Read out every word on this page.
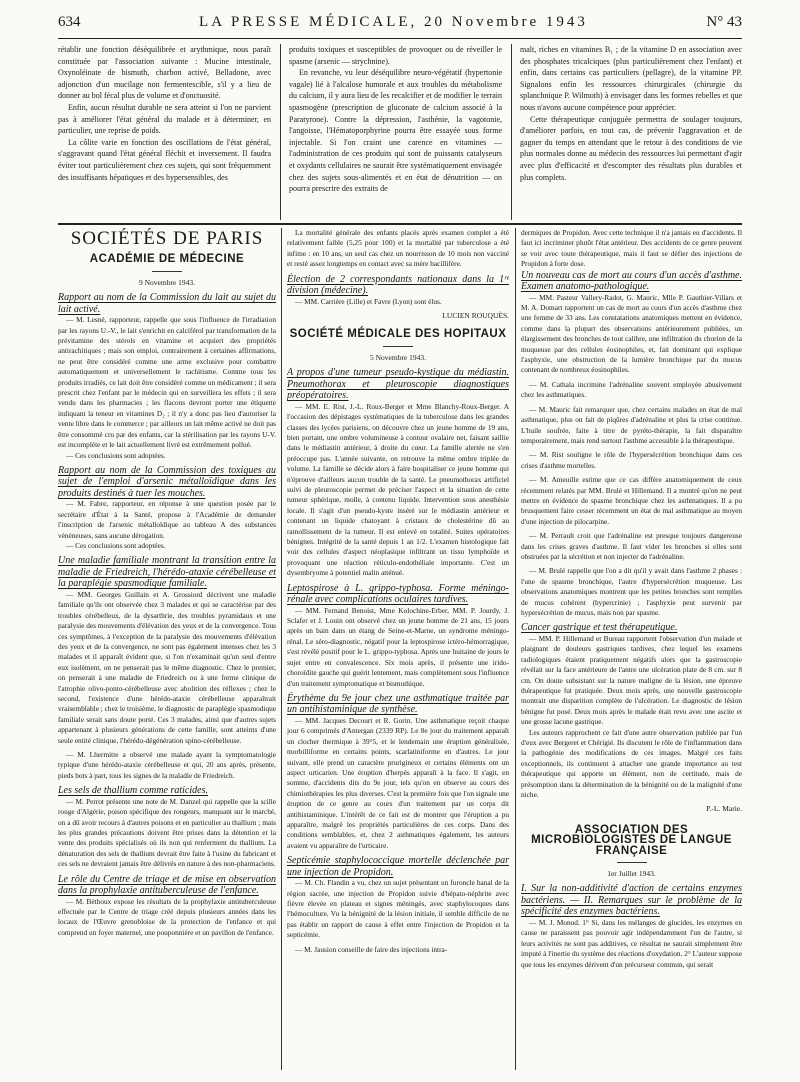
634	LA PRESSE MÉDICALE, 20 Novembre 1943	N° 43

rétablir une fonction déséquilibrée et arythmique, nous paraît constituée par l'association suivante : Mucine intestinale, Oxynoléinate de bismuth, charbon activé, Belladone, avec adjonction d'un mucilage non fermentescible, s'il y a lieu de donner au bol fécal plus de volume et d'onctuosité.

Enfin, aucun résultat durable ne sera atteint si l'on ne parvient pas à améliorer l'état général du malade et à déterminer, en particulier, une reprise de poids.

La côlite varie en fonction des oscillations de l'état général, s'aggravant quand l'état général fléchit et inversement. Il faudra éviter tout particulièrement chez ces sujets, qui sont fréquemment des insuffisants hépatiques et des hypersensibles, des

produits toxiques et susceptibles de provoquer ou de réveiller le spasme (arsenic — strychnine).

En revanche, vu leur déséquilibre neuro-végétatif (hypertonie vagale) lié à l'alcalose humorale et aux troubles du métabolisme du calcium, il y aura lieu de les recalcifier et de modifier le terrain spasmogène (prescription de gluconate de calcium associé à la Paratyrone). Contre la dépression, l'asthénie, la vagotonie, l'angoisse, l'Hématoporphyrine pourra être essayée sous forme injectable. Si l'on craint une carence en vitamines — l'administration de ces produits qui sont de puissants catalyseurs et oxydants cellulaires ne saurait être systématiquement envisagée chez des sujets sous-alimentés et en état de dénutrition — on pourra prescrire des extraits de

malt, riches en vitamines B₁ ; de la vitamine D en association avec des phosphates tricalciques (plus particulièrement chez l'enfant) et enfin, dans certains cas particuliers (pellagre), de la vitamine PP. Signalons enfin les ressources chirurgicales (chirurgie du splanchnique P. Wilmoth) à envisager dans les formes rebelles et que nous n'avons aucune compétence pour apprécier.

Cette thérapeutique conjuguée permettra de soulager toujours, d'améliorer parfois, en tout cas, de prévenir l'aggravation et de gagner du temps en attendant que le retour à des conditions de vie plus normales donne au médecin des ressources lui permettant d'agir avec plus d'efficacité et d'escompter des résultats plus durables et plus complets.

SOCIÉTÉS DE PARIS
ACADÉMIE DE MÉDECINE
9 Novembre 1943.

Rapport au nom de la Commission du lait au sujet du lait activé.

— M. Lesné, rapporteur, rappelle que sous l'influence de l'irradiation par les rayons U.-V., le lait s'enrichit en calciférol par transformation de la prévitamine des stérols en vitamine et acquiert des propriétés antirachitiques ; mais son emploi, contrairement à certaines affirmations, ne peut être considéré comme une arme exclusive pour combattre automatiquement et universellement le rachitisme. Comme tous les produits irradiés, ce lait doit être considéré comme un médicament ; il sera prescrit chez l'enfant par le médecin qui en surveillera les effets ; il sera vendu dans les pharmacies ; les flacons devront porter une étiquette indiquant la teneur en vitamines D₂ ; il n'y a donc pas lieu d'autoriser la vente libre dans le commerce ; par ailleurs un lait même activé ne doit pas être consommé cru par des enfants, car la stérilisation par les rayons U-V. est incomplète et le lait actuellement livré est extrêmement pollué.

— Ces conclusions sont adoptées.

Rapport au nom de la Commission des toxiques au sujet de l'emploi d'arsenic métalloïdique dans les produits destinés à tuer les mouches.

— M. Fabre, rapporteur, en réponse à une question posée par le secrétaire d'État à la Santé, propose à l'Académie de demander l'inscription de l'arsenic métalloïdique au tableau A des substances vénéneuses, sans aucune dérogation.

— Ces conclusions sont adoptées.

Une maladie familiale montrant la transition entre la maladie de Friedreich, l'hérédo-ataxie cérébelleuse et la paraplégie spasmodique familiale.

— MM. Georges Guillain et A. Grossiord décrivent une maladie familiale qu'ils ont observée chez 3 malades et qui se caractérise par des troubles cérébelleux, de la dysarthrie, des troubles pyramidaux et une paralysie des mouvements d'élévation des yeux et de la convergence. Tous ces symptômes, à l'exception de la paralysie des mouvements d'élévation des yeux et de la convergence, ne sont pas également intenses chez les 3 malades et il apparaît évident que, si l'on n'examinait qu'un seul d'entre eux isolément, on ne penserait pas le même diagnostic. Chez le premier, on penserait à une maladie de Friedreich ou à une forme clinique de l'atrophie olivo-ponto-cérébelleuse avec abolition des réflexes ; chez le second, l'existence d'une hérédo-ataxie cérébelleuse apparaîtrait vraisemblable ; chez le troisième, le diagnostic de paraplégie spasmodique familiale serait sans doute porté. Ces 3 malades, ainsi que d'autres sujets appartenant à plusieurs générations de cette famille, sont atteints d'une seule entité clinique, l'hérédo-dégénération spino-cérébelleuse.

— M. Lhermitte a observé une malade ayant la symptomatologie typique d'une hérédo-ataxie cérébelleuse et qui, 20 ans après, présente, pieds bots à part, tous les signes de la maladie de Friedreich.

Les sels de thallium comme raticides.

— M. Perrot présente une note de M. Danzel qui rappelle que la scille rouge d'Algérie, poison spécifique des rongeurs, manquant sur le marché, on a dû avoir recours à d'autres poisons et en particulier au thallium ; mais les plus grandes précautions doivent être prises dans la détention et la vente des produits spécialisés où ils non qui renferment du thallium. La dénaturation des sels de thallium devrait être faite à l'usine du fabricant et ces sels ne devraient jamais être délivrés en nature à des non-pharmaciens.

Le rôle du Centre de triage et de mise en observation dans la prophylaxie antituberculeuse de l'enfance.

— M. Béthoux expose les résultats de la prophylaxie antituberculeuse effectuée par le Centre de triage créé depuis plusieurs années dans les locaux de l'Œuvre grenobloise de la protection de l'enfance et qui comprend un foyer maternel, une pouponnière et un pavillon de l'enfance.

La mortalité générale des enfants placés après examen complet a été relativement faible (5,25 pour 100) et la mortalité par tuberculose a été infime : en 10 ans, un seul cas chez un nourrisson de 10 mois non vacciné et resté assez longtemps en contact avec sa mère bacillifère.

Élection de 2 correspondants nationaux dans la 1ʳᵉ division (médecine).

— MM. Carrière (Lille) et Favre (Lyon) sont élus.

LUCIEN ROUQUÈS.
SOCIÉTÉ MÉDICALE DES HOPITAUX
5 Novembre 1943.

A propos d'une tumeur pseudo-kystique du médiastin. Pneumothorax et pleuroscopie diagnostiques préopératoires.

— MM. E. Rist, J.-L. Roux-Berger et Mme Blanchy-Roux-Berger. A l'occasion des dépistages systématiques de la tuberculose dans les grandes classes des lycées parisiens, on découvre chez un jeune homme de 19 ans, bien portant, une ombre volumineuse à contour ovalaire net, faisant saillie dans le médiastin antérieur, à droite du cœur. La famille alertée ne s'en préoccupe pas. L'année suivante, on retrouve la même ombre triplée de volume. La famille se décide alors à faire hospitaliser ce jeune homme qui n'éprouve d'ailleurs aucun trouble de la santé. Le pneumothorax artificiel suivi de pleuroscopie permet de préciser l'aspect et la situation de cette tumeur sphérique, molle, à contenu liquide. Intervention sous anesthésie locale. Il s'agit d'un pseudo-kyste inséré sur le médiastin antérieur et contenant un liquide chatoyant à cristaux de cholestérine dû au ramollissement de la tumeur. Il est enlevé en totalité. Suites opératoires bénignes. Intégrité de la santé depuis 1 an 1/2. L'examen histologique fait voir des cellules d'aspect néoplasique infiltrant un tissu lymphoïde et provoquant une réaction réticulo-endothéliale importante. C'est un dysembryome à potentiel malin atténué.

Leptospirose à L. grippo-typhosa. Forme méningo-rénale avec complications oculaires tardives.

— MM. Fernand Benoist, Mme Kolochine-Erber, MM. P. Jourdy, J. Sclafer et J. Louin ont observé chez un jeune homme de 21 ans, 15 jours après un bain dans un étang de Seine-et-Marne, un syndrome méningo-rénal. Le séro-diagnostic, négatif pour la leptospirose ictéro-hémorragique, s'est révélé positif pour le L. grippo-typhosa. Après une huitaine de jours le sujet entre en convalescence. Six mois après, il présente une irido-choroïdite gauche qui guérit lentement, mais complètement sous l'influence d'un traitement symptomatique et bismuthique.

Érythème du 9e jour chez une asthmatique traitée par un antihistaminique de synthèse.

— MM. Jacques Decourt et R. Gorin. Une asthmatique reçoit chaque jour 6 comprimés d'Antergan (2339 RP). Le 8e jour du traitement apparaît un clocher thermique à 39°5, et le lendemain une éruption généralisée, morbilliforme en certains points, scarlatiniforme en d'autres. Le jour suivant, elle prend un caractère prurigineux et certains éléments ont un aspect urticarien. Une éruption d'herpès apparaît à la face. Il s'agit, en somme, d'accidents dits du 9e jour, tels qu'on en observe au cours des chimiothérapies les plus diverses. C'est la première fois que l'on signale une éruption de ce genre au cours d'un traitement par un corps dit antihistaminique. L'intérêt de ce fait est de montrer que l'éruption a pu apparaître, malgré les propriétés particulières de ces corps. Dans des conditions semblables, et, chez 2 asthmatiques également, les auteurs avaient vu apparaître de l'urticaire.

Septicémie staphylococcique mortelle déclenchée par une injection de Propidon.

— M. Ch. Flandin a vu, chez un sujet présentant un furoncle banal de la région sacrée, une injection de Propidon suivie d'hépato-néphrite avec fièvre élevée en plateau et signes méningés, avec staphylocoques dans l'hémoculture. Vu la bénignité de la lésion initiale, il semble difficile de ne pas établir un rapport de cause à effet entre l'injection de Propidon et la septicémie.

— M. Jausion conseille de faire des injections intra-

dermiques de Propidon. Avec cette technique il n'a jamais eu d'accidents. Il faut ici incriminer plutôt l'état antérieur. Des accidents de ce genre peuvent se voir avec toute thérapeutique, mais il faut se défier des injections de Propidon à forte dose.

Un nouveau cas de mort au cours d'un accès d'asthme. Examen anatomo-pathologique.

— MM. Pasteur Vallery-Radot, G. Mauric, Mlle P. Gauthier-Villars et M. A. Domart rapportent un cas de mort au cours d'un accès d'asthme chez une femme de 33 ans. Les constatations anatomiques mettent en évidence, comme dans la plupart des observations antérieurement publiées, un élargissement des bronches de tout calibre, une infiltration du chorion de la muqueuse par des cellules éosinophiles, et, fait dominant qui explique l'asphyxie, une obstruction de la lumière bronchique par du mucus contenant de nombreux éosinophiles.

— M. Cathala incrimine l'adrénaline souvent employée abusivement chez les asthmatiques.

— M. Mauric fait remarquer que, chez certains malades en état de mal asthmatique, plus on fait de piqûres d'adrénaline et plus la crise continue. L'huile soufrée, faite à titre de pyréto-thérapie, la fait disparaître temporairement, mais rend surtout l'asthme accessible à la thérapeutique.

— M. Rist souligne le rôle de l'hypersécrétion bronchique dans ces crises d'asthme mortelles.

— M. Ameuille estime que ce cas diffère anatomiquement de ceux récemment relatés par MM. Brulé et Hillemand. Il a montré qu'on ne peut mettre en évidence de spasme bronchique chez les asthmatiques. Il a pu brusquement faire cesser récemment un état de mal asthmatique au moyen d'une injection de pilocarpine.

— M. Perrault croit que l'adrénaline est presque toujours dangereuse dans les crises graves d'asthme. Il faut vider les bronches si elles sont obstruées par la sécrétion et non injecter de l'adrénaline.

— M. Brulé rappelle que l'on a dit qu'il y avait dans l'asthme 2 phases : l'une de spasme bronchique, l'autre d'hypersécrétion muqueuse. Les observations anatomiques montrent que les petites bronches sont remplies de mucus cohérent (hypercrinie) ; l'asphyxie peut survenir par hypersécrétion de mucus, mais non par spasme.

Cancer gastrique et test thérapeutique.

— MM. P. Hillemand et Bureau rapportent l'observation d'un malade et plaignant de douleurs gastriques tardives, chez lequel les examens radiologiques étaient pratiquement négatifs alors que la gastroscopie révélait sur la face antérieure de l'antre une ulcération plate de 8 cm. sur 8 cm. On doute subsistant sur la nature maligne de la lésion, une épreuve thérapeutique fut pratiquée. Deux mois après, une nouvelle gastroscopie montrait une disparition complète de l'ulcération. Le diagnostic de lésion bénigne fut posé. Deux mois après le malade était revu avec une ascite et une grosse lacune gastrique.

Les auteurs rapprochent ce fait d'une autre observation publiée par l'un d'eux avec Bergeret et Chérigié. Ils discutent le rôle de l'inflammation dans la pathogénie des modifications de ces images. Malgré ces faits exceptionnels, ils continuent à attacher une grande importance au test thérapeutique qui apporte un élément, non de certitude, mais de présomption dans la détermination de la bénignité ou de la malignité d'une niche.

P.-L. Marie.
ASSOCIATION DES MICROBIOLOGISTES DE LANGUE FRANÇAISE
1er Juillet 1943.

I. Sur la non-additivité d'action de certains enzymes bactériens. — II. Remarques sur le problème de la spécificité des enzymes bactériens.

— M. J. Monod. 1° Si, dans les mélanges de glucides, les enzymes en cause ne paraissent pas pouvoir agir indépendamment l'un de l'autre, si leurs activités ne sont pas additives, ce résultat ne saurait simplement être imputé à l'inertie du système des réactions d'oxydation. 2° L'auteur suppose que tous les enzymes dérivent d'un précurseur commun, qui serait
